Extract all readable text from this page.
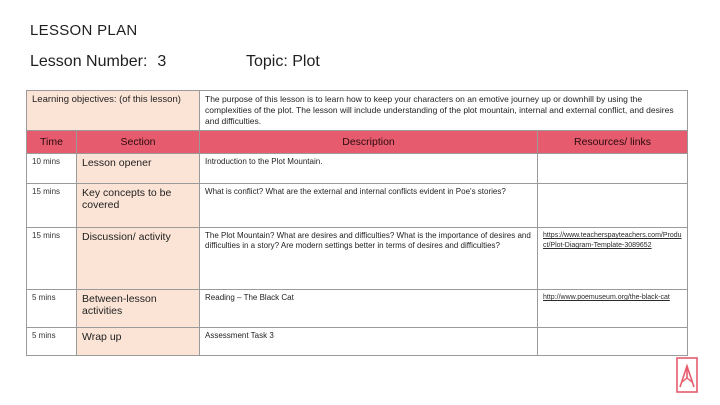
LESSON PLAN
Lesson Number: 3	Topic: Plot
Learning objectives: (of this lesson)		The purpose of this lesson is to learn how to keep your characters on an emotive journey up or downhill by using the complexities of the plot. The lesson will include understanding of the plot mountain, internal and external conflict, and desires and difficulties.	
Time	Section	Description	Resources/ links
10 mins	Lesson opener	Introduction to the Plot Mountain.	
15 mins	Key concepts to be covered	What is conflict? What are the external and internal conflicts evident in Poe's stories?	
15 mins	Discussion/ activity	The Plot Mountain? What are desires and difficulties? What is the importance of desires and difficulties in a story? Are modern settings better in terms of desires and difficulties?	https://www.teacherspayteachers.com/Product/Plot-Diagram-Template-3089652
5 mins	Between-lesson activities	Reading – The Black Cat	http://www.poemuseum.org/the-black-cat
5 mins	Wrap up	Assessment Task 3	
